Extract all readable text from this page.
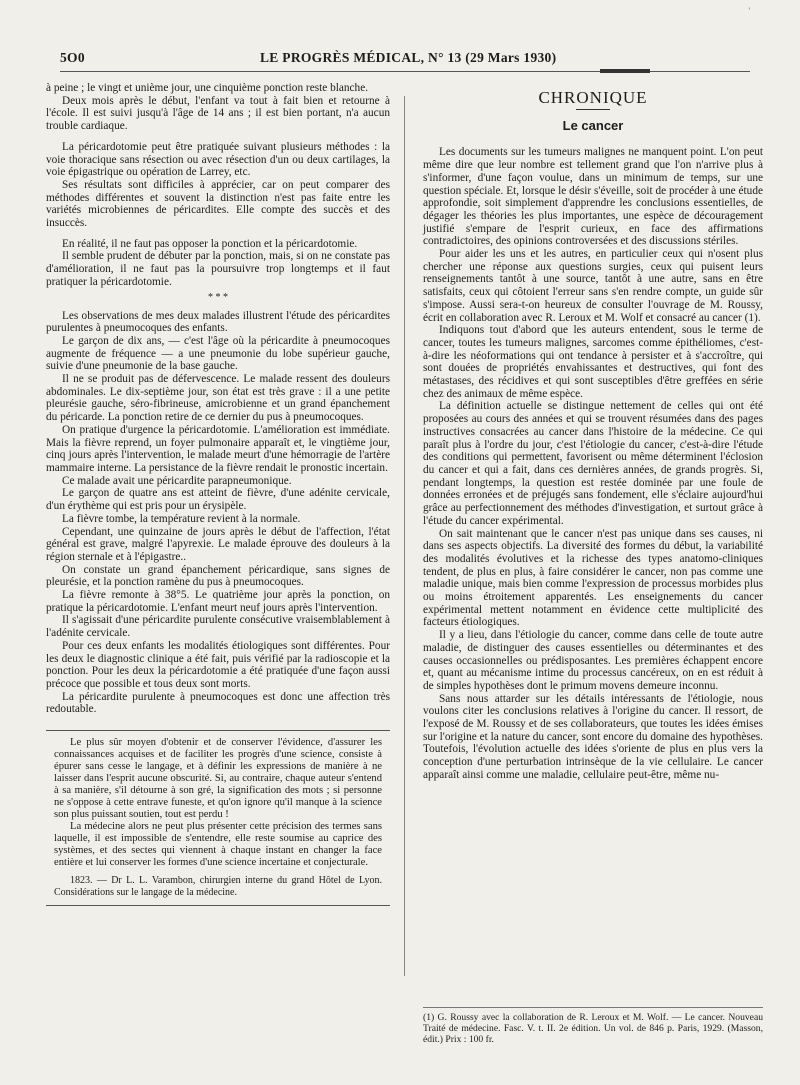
ʼ
5O0	LE PROGRÈS MÉDICAL, N° 13 (29 Mars 1930)

à peine ; le vingt et unième jour, une cinquième ponction reste blanche.

Deux mois après le début, l'enfant va tout à fait bien et retourne à l'école. Il est suivi jusqu'à l'âge de 14 ans ; il est bien portant, n'a aucun trouble cardiaque.

La péricardotomie peut être pratiquée suivant plusieurs méthodes : la voie thoracique sans résection ou avec résection d'un ou deux cartilages, la voie épigastrique ou opération de Larrey, etc.

Ses résultats sont difficiles à apprécier, car on peut comparer des méthodes différentes et souvent la distinction n'est pas faite entre les variétés microbiennes de péricardites. Elle compte des succès et des insuccès.

En réalité, il ne faut pas opposer la ponction et la péricardotomie.

Il semble prudent de débuter par la ponction, mais, si on ne constate pas d'amélioration, il ne faut pas la poursuivre trop longtemps et il faut pratiquer la péricardotomie.

* * *

Les observations de mes deux malades illustrent l'étude des péricardites purulentes à pneumocoques des enfants.

Le garçon de dix ans, — c'est l'âge où la péricardite à pneumocoques augmente de fréquence — a une pneumonie du lobe supérieur gauche, suivie d'une pneumonie de la base gauche.

Il ne se produit pas de défervescence. Le malade ressent des douleurs abdominales. Le dix-septième jour, son état est très grave : il a une petite pleurésie gauche, séro-fibrineuse, amicrobienne et un grand épanchement du péricarde. La ponction retire de ce dernier du pus à pneumocoques.

On pratique d'urgence la péricardotomie. L'amélioration est immédiate. Mais la fièvre reprend, un foyer pulmonaire apparaît et, le vingtième jour, cinq jours après l'intervention, le malade meurt d'une hémorragie de l'artère mammaire interne. La persistance de la fièvre rendait le pronostic incertain.

Ce malade avait une péricardite parapneumonique.

Le garçon de quatre ans est atteint de fièvre, d'une adénite cervicale, d'un érythème qui est pris pour un érysipèle.

La fièvre tombe, la température revient à la normale.

Cependant, une quinzaine de jours après le début de l'affection, l'état général est grave, malgré l'apyrexie. Le malade éprouve des douleurs à la région sternale et à l'épigastre..

On constate un grand épanchement péricardique, sans signes de pleurésie, et la ponction ramène du pus à pneumocoques.

La fièvre remonte à 38°5. Le quatrième jour après la ponction, on pratique la péricardotomie. L'enfant meurt neuf jours après l'intervention.

Il s'agissait d'une péricardite purulente consécutive vraisemblablement à l'adénite cervicale.

Pour ces deux enfants les modalités étiologiques sont différentes. Pour les deux le diagnostic clinique a été fait, puis vérifié par la radioscopie et la ponction. Pour les deux la péricardotomie a été pratiquée d'une façon aussi précoce que possible et tous deux sont morts.

La péricardite purulente à pneumocoques est donc une affection très redoutable.

Le plus sûr moyen d'obtenir et de conserver l'évidence, d'assurer les connaissances acquises et de faciliter les progrès d'une science, consiste à épurer sans cesse le langage, et à définir les expressions de manière à ne laisser dans l'esprit aucune obscurité. Si, au contraire, chaque auteur s'entend à sa manière, s'il détourne à son gré, la signification des mots ; si personne ne s'oppose à cette entrave funeste, et qu'on ignore qu'il manque à la science son plus puissant soutien, tout est perdu !

La médecine alors ne peut plus présenter cette précision des termes sans laquelle, il est impossible de s'entendre, elle reste soumise au caprice des systèmes, et des sectes qui viennent à chaque instant en changer la face entière et lui conserver les formes d'une science incertaine et conjecturale.

1823. — Dr L. L. Varambon, chirurgien interne du grand Hôtel de Lyon. Considérations sur le langage de la médecine.

CHRONIQUE
Le cancer

Les documents sur les tumeurs malignes ne manquent point. L'on peut même dire que leur nombre est tellement grand que l'on n'arrive plus à s'informer, d'une façon voulue, dans un minimum de temps, sur une question spéciale. Et, lorsque le désir s'éveille, soit de procéder à une étude approfondie, soit simplement d'apprendre les conclusions essentielles, de dégager les théories les plus importantes, une espèce de découragement justifié s'empare de l'esprit curieux, en face des affirmations contradictoires, des opinions controversées et des discussions stériles.

Pour aider les uns et les autres, en particulier ceux qui n'osent plus chercher une réponse aux questions surgies, ceux qui puisent leurs renseignements tantôt à une source, tantôt à une autre, sans en être satisfaits, ceux qui côtoient l'erreur sans s'en rendre compte, un guide sûr s'impose. Aussi sera-t-on heureux de consulter l'ouvrage de M. Roussy, écrit en collaboration avec R. Leroux et M. Wolf et consacré au cancer (1).

Indiquons tout d'abord que les auteurs entendent, sous le terme de cancer, toutes les tumeurs malignes, sarcomes comme épithéliomes, c'est-à-dire les néoformations qui ont tendance à persister et à s'accroître, qui sont douées de propriétés envahissantes et destructives, qui font des métastases, des récidives et qui sont susceptibles d'être greffées en série chez des animaux de même espèce.

La définition actuelle se distingue nettement de celles qui ont été proposées au cours des années et qui se trouvent résumées dans des pages instructives consacrées au cancer dans l'histoire de la médecine. Ce qui paraît plus à l'ordre du jour, c'est l'étiologie du cancer, c'est-à-dire l'étude des conditions qui permettent, favorisent ou même déterminent l'éclosion du cancer et qui a fait, dans ces dernières années, de grands progrès. Si, pendant longtemps, la question est restée dominée par une foule de données erronées et de préjugés sans fondement, elle s'éclaire aujourd'hui grâce au perfectionnement des méthodes d'investigation, et surtout grâce à l'étude du cancer expérimental.

On sait maintenant que le cancer n'est pas unique dans ses causes, ni dans ses aspects objectifs. La diversité des formes du début, la variabilité des modalités évolutives et la richesse des types anatomo-cliniques tendent, de plus en plus, à faire considérer le cancer, non pas comme une maladie unique, mais bien comme l'expression de processus morbides plus ou moins étroitement apparentés. Les enseignements du cancer expérimental mettent notamment en évidence cette multiplicité des facteurs étiologiques.

Il y a lieu, dans l'étiologie du cancer, comme dans celle de toute autre maladie, de distinguer des causes essentielles ou déterminantes et des causes occasionnelles ou prédisposantes. Les premières échappent encore et, quant au mécanisme intime du processus cancéreux, on en est réduit à de simples hypothèses dont le primum movens demeure inconnu.

Sans nous attarder sur les détails intéressants de l'étiologie, nous voulons citer les conclusions relatives à l'origine du cancer. Il ressort, de l'exposé de M. Roussy et de ses collaborateurs, que toutes les idées émises sur l'origine et la nature du cancer, sont encore du domaine des hypothèses. Toutefois, l'évolution actuelle des idées s'oriente de plus en plus vers la conception d'une perturbation intrinsèque de la vie cellulaire. Le cancer apparaît ainsi comme une maladie, cellulaire peut-être, même nu-

(1) G. Roussy avec la collaboration de R. Leroux et M. Wolf. — Le cancer. Nouveau Traité de médecine. Fasc. V. t. II. 2e édition. Un vol. de 846 p. Paris, 1929. (Masson, édit.) Prix : 100 fr.
